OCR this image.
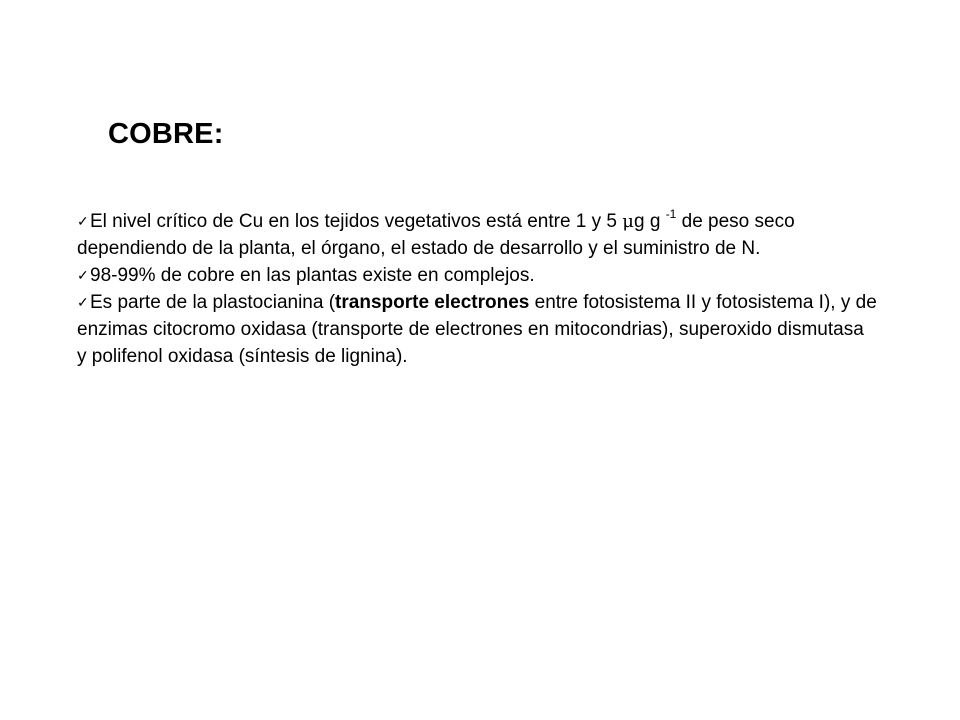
COBRE:

✓El nivel crítico de Cu en los tejidos vegetativos está entre 1 y 5 μg g $^{-1}$ de peso seco dependiendo de la planta, el órgano, el estado de desarrollo y el suministro de N.

✓98-99% de cobre en las plantas existe en complejos.

✓Es parte de la plastocianina (transporte electrones entre fotosistema II y fotosistema I), y de enzimas citocromo oxidasa (transporte de electrones en mitocondrias), superoxido dismutasa y polifenol oxidasa (síntesis de lignina).
